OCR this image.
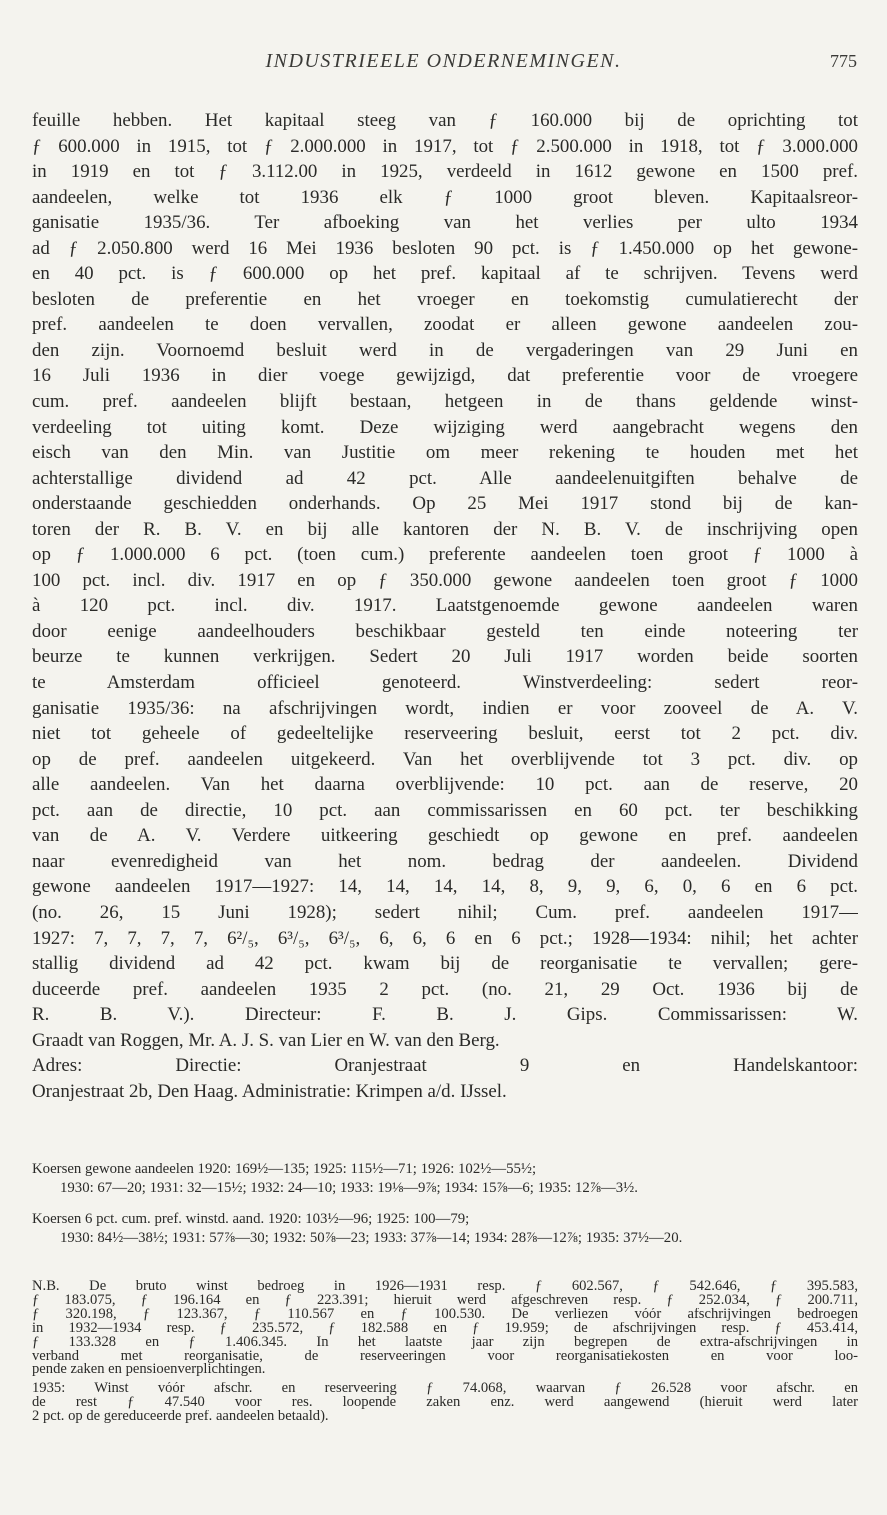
INDUSTRIEELE ONDERNEMINGEN.	775
feuille hebben. Het kapitaal steeg van ƒ 160.000 bij de oprichting tot
ƒ 600.000 in 1915, tot ƒ 2.000.000 in 1917, tot ƒ 2.500.000 in 1918, tot ƒ 3.000.000
in 1919 en tot ƒ 3.112.00 in 1925, verdeeld in 1612 gewone en 1500 pref.
aandeelen, welke tot 1936 elk ƒ 1000 groot bleven. Kapitaalsreor-
ganisatie 1935/36. Ter afboeking van het verlies per ulto 1934
ad ƒ 2.050.800 werd 16 Mei 1936 besloten 90 pct. is ƒ 1.450.000 op het gewone-
en 40 pct. is ƒ 600.000 op het pref. kapitaal af te schrijven. Tevens werd
besloten de preferentie en het vroeger en toekomstig cumulatierecht der
pref. aandeelen te doen vervallen, zoodat er alleen gewone aandeelen zou-
den zijn. Voornoemd besluit werd in de vergaderingen van 29 Juni en
16 Juli 1936 in dier voege gewijzigd, dat preferentie voor de vroegere
cum. pref. aandeelen blijft bestaan, hetgeen in de thans geldende winst-
verdeeling tot uiting komt. Deze wijziging werd aangebracht wegens den
eisch van den Min. van Justitie om meer rekening te houden met het
achterstallige dividend ad 42 pct. Alle aandeelenuitgiften behalve de
onderstaande geschiedden onderhands. Op 25 Mei 1917 stond bij de kan-
toren der R. B. V. en bij alle kantoren der N. B. V. de inschrijving open
op ƒ 1.000.000 6 pct. (toen cum.) preferente aandeelen toen groot ƒ 1000 à
100 pct. incl. div. 1917 en op ƒ 350.000 gewone aandeelen toen groot ƒ 1000
à 120 pct. incl. div. 1917. Laatstgenoemde gewone aandeelen waren
door eenige aandeelhouders beschikbaar gesteld ten einde noteering ter
beurze te kunnen verkrijgen. Sedert 20 Juli 1917 worden beide soorten
te Amsterdam officieel genoteerd. Winstverdeeling: sedert reor-
ganisatie 1935/36: na afschrijvingen wordt, indien er voor zooveel de A. V.
niet tot geheele of gedeeltelijke reserveering besluit, eerst tot 2 pct. div.
op de pref. aandeelen uitgekeerd. Van het overblijvende tot 3 pct. div. op
alle aandeelen. Van het daarna overblijvende: 10 pct. aan de reserve, 20
pct. aan de directie, 10 pct. aan commissarissen en 60 pct. ter beschikking
van de A. V. Verdere uitkeering geschiedt op gewone en pref. aandeelen
naar evenredigheid van het nom. bedrag der aandeelen. Dividend
gewone aandeelen 1917—1927: 14, 14, 14, 14, 8, 9, 9, 6, 0, 6 en 6 pct.
(no. 26, 15 Juni 1928); sedert nihil; Cum. pref. aandeelen 1917—
1927: 7, 7, 7, 7, 6²/₅, 6³/₅, 6³/₅, 6, 6, 6 en 6 pct.; 1928—1934: nihil; het achter
stallig dividend ad 42 pct. kwam bij de reorganisatie te vervallen; gere-
duceerde pref. aandeelen 1935 2 pct. (no. 21, 29 Oct. 1936 bij de
R. B. V.). Directeur: F. B. J. Gips. Commissarissen: W.
Graadt van Roggen, Mr. A. J. S. van Lier en W. van den Berg.
Adres: Directie: Oranjestraat 9 en Handelskantoor:
Oranjestraat 2b, Den Haag. Administratie: Krimpen a/d. IJssel.
Koersen gewone aandeelen 1920: 169½—135; 1925: 115½—71; 1926: 102½—55½;
1930: 67—20; 1931: 32—15½; 1932: 24—10; 1933: 19⅛—9⅞; 1934: 15⅞—6; 1935: 12⅞—3½.
Koersen 6 pct. cum. pref. winstd. aand. 1920: 103½—96; 1925: 100—79;
1930: 84½—38½; 1931: 57⅞—30; 1932: 50⅞—23; 1933: 37⅞—14; 1934: 28⅞—12⅞; 1935: 37½—20.
N.B. De bruto winst bedroeg in 1926—1931 resp. ƒ 602.567, ƒ 542.646, ƒ 395.583,
ƒ 183.075, ƒ 196.164 en ƒ 223.391; hieruit werd afgeschreven resp. ƒ 252.034, ƒ 200.711,
ƒ 320.198, ƒ 123.367, ƒ 110.567 en ƒ 100.530. De verliezen vóór afschrijvingen bedroegen
in 1932—1934 resp. ƒ 235.572, ƒ 182.588 en ƒ 19.959; de afschrijvingen resp. ƒ 453.414,
ƒ 133.328 en ƒ 1.406.345. In het laatste jaar zijn begrepen de extra-afschrijvingen in
verband met reorganisatie, de reserveeringen voor reorganisatiekosten en voor loo-
pende zaken en pensioenverplichtingen.
1935: Winst vóór afschr. en reserveering ƒ 74.068, waarvan ƒ 26.528 voor afschr. en
de rest ƒ 47.540 voor res. loopende zaken enz. werd aangewend (hieruit werd later
2 pct. op de gereduceerde pref. aandeelen betaald).
